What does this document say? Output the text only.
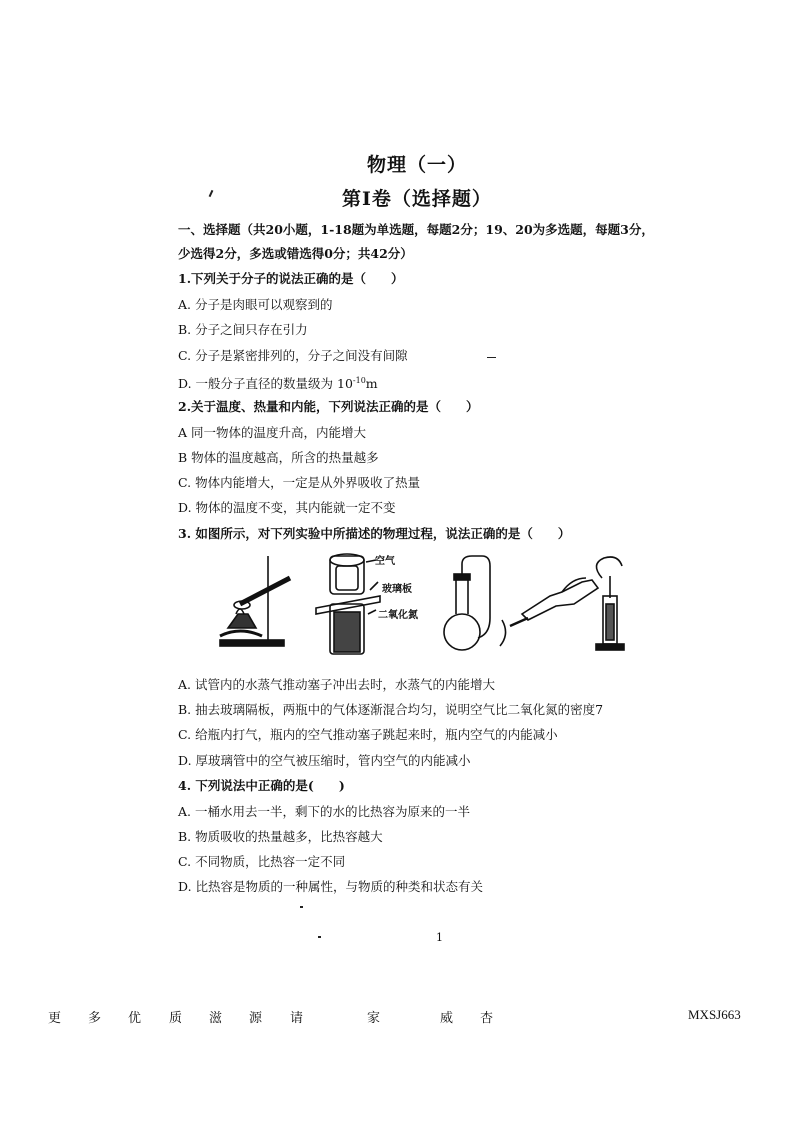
物理（一）
第I卷（选择题）
一、选择题（共20小题，1-18题为单选题，每题2分；19、20为多选题，每题3分，
少选得2分，多选或错选得0分；共42分）
1.下列关于分子的说法正确的是（　　）
A. 分子是肉眼可以观察到的
B. 分子之间只存在引力
C. 分子是紧密排列的，分子之间没有间隙
D. 一般分子直径的数量级为 $10^{-10}m$
2.关于温度、热量和内能，下列说法正确的是（　　）
A 同一物体的温度升高，内能增大
B 物体的温度越高，所含的热量越多
C. 物体内能增大，一定是从外界吸收了热量
D. 物体的温度不变，其内能就一定不变
3. 如图所示，对下列实验中所描述的物理过程，说法正确的是（　　）
空气
玻璃板
二氧化氮
A. 试管内的水蒸气推动塞子冲出去时，水蒸气的内能增大
B. 抽去玻璃隔板，两瓶中的气体逐渐混合均匀，说明空气比二氧化氮的密度7
C. 给瓶内打气，瓶内的空气推动塞子跳起来时，瓶内空气的内能减小
D. 厚玻璃管中的空气被压缩时，管内空气的内能减小
4. 下列说法中正确的是(　　)
A. 一桶水用去一半，剩下的水的比热容为原来的一半
B. 物质吸收的热量越多，比热容越大
C. 不同物质，比热容一定不同
D. 比热容是物质的一种属性，与物质的种类和状态有关
1
更 多 优 质 滋 源 请	家	威 杏	MXSJ663
